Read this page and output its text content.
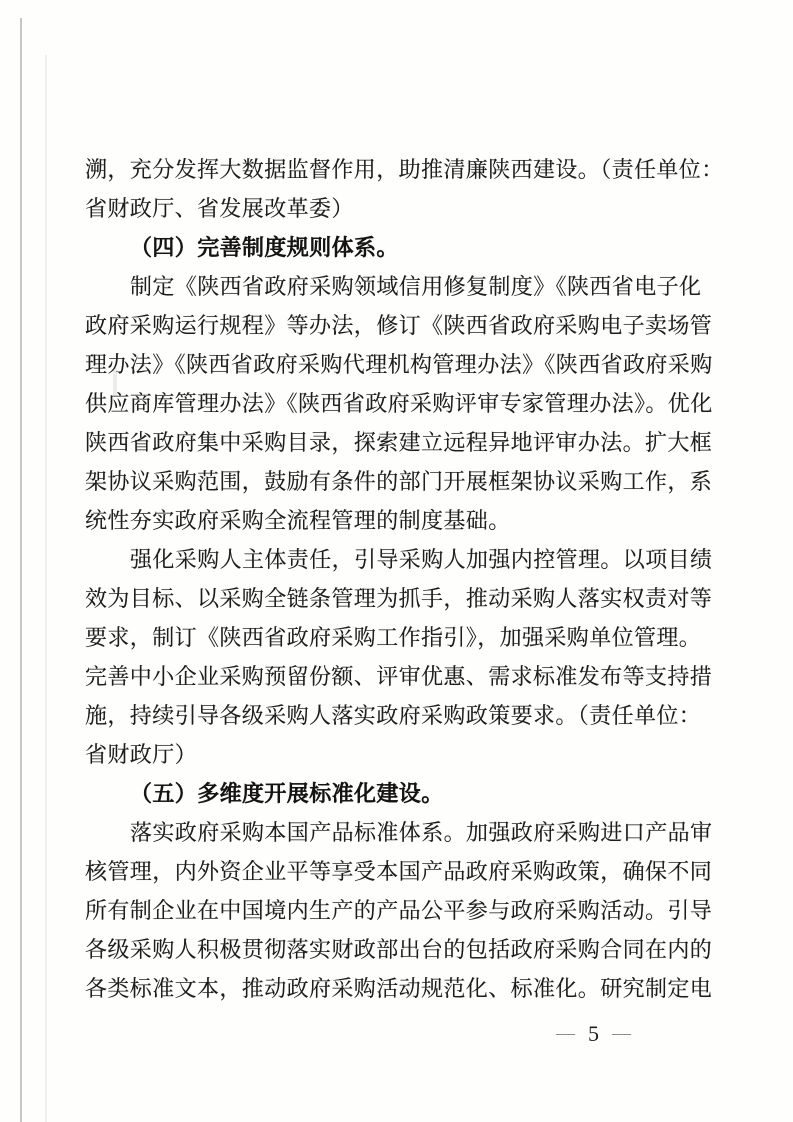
溯，充分发挥大数据监督作用，助推清廉陕西建设。（责任单位：
省财政厅、省发展改革委）
（四）完善制度规则体系。
制定《陕西省政府采购领域信用修复制度》《陕西省电子化
政府采购运行规程》等办法，修订《陕西省政府采购电子卖场管
理办法》《陕西省政府采购代理机构管理办法》《陕西省政府采购
供应商库管理办法》《陕西省政府采购评审专家管理办法》。优化
陕西省政府集中采购目录，探索建立远程异地评审办法。扩大框
架协议采购范围，鼓励有条件的部门开展框架协议采购工作，系
统性夯实政府采购全流程管理的制度基础。
强化采购人主体责任，引导采购人加强内控管理。以项目绩
效为目标、以采购全链条管理为抓手，推动采购人落实权责对等
要求，制订《陕西省政府采购工作指引》，加强采购单位管理。
完善中小企业采购预留份额、评审优惠、需求标准发布等支持措
施，持续引导各级采购人落实政府采购政策要求。（责任单位：
省财政厅）
（五）多维度开展标准化建设。
落实政府采购本国产品标准体系。加强政府采购进口产品审
核管理，内外资企业平等享受本国产品政府采购政策，确保不同
所有制企业在中国境内生产的产品公平参与政府采购活动。引导
各级采购人积极贯彻落实财政部出台的包括政府采购合同在内的
各类标准文本，推动政府采购活动规范化、标准化。研究制定电
— 5 —
